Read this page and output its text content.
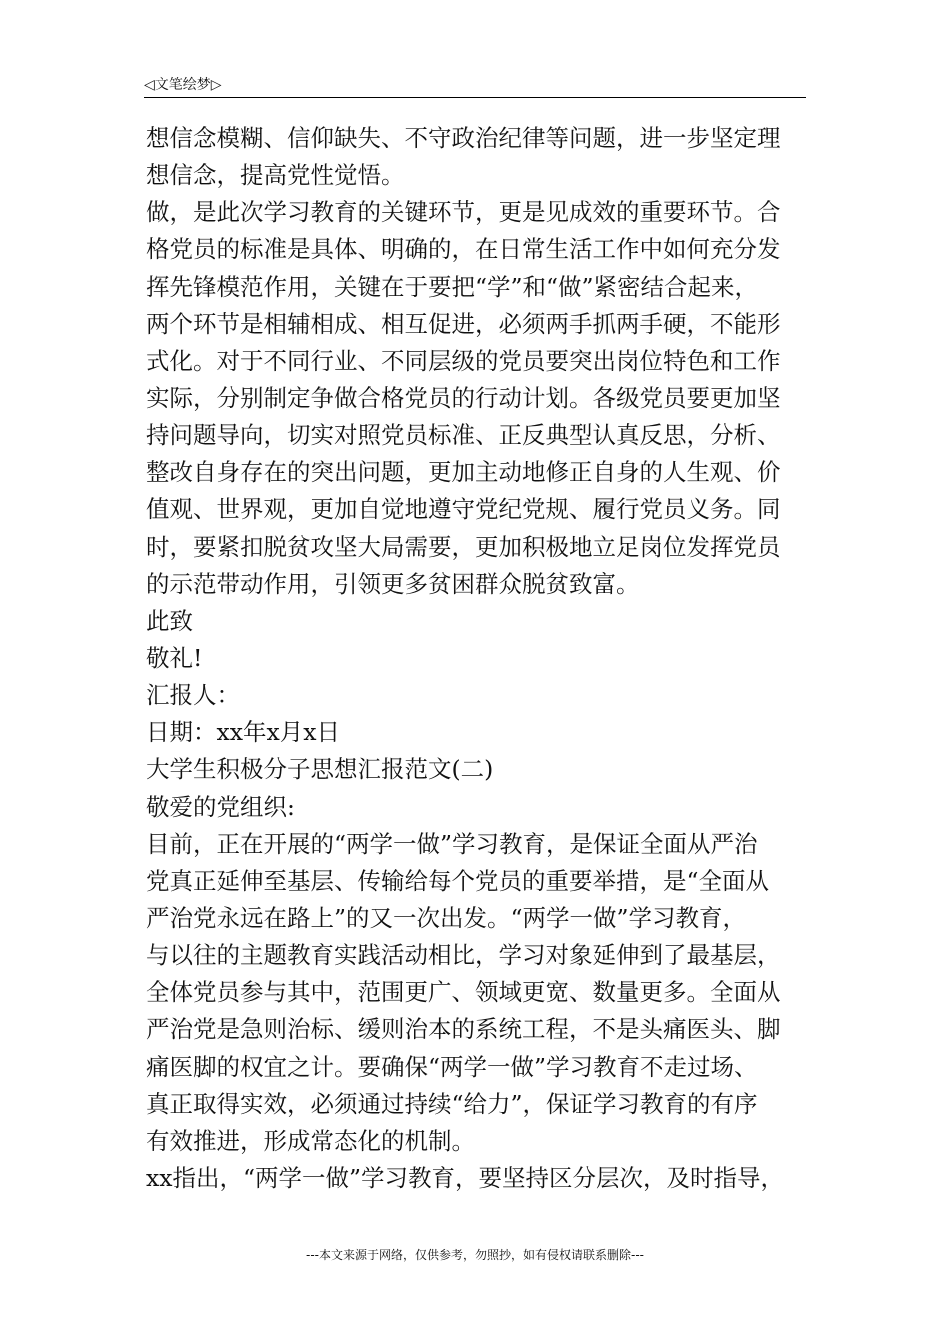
◁文笔绘梦▷
想信念模糊、信仰缺失、不守政治纪律等问题，进一步坚定理
想信念，提高党性觉悟。
做，是此次学习教育的关键环节，更是见成效的重要环节。合
格党员的标准是具体、明确的，在日常生活工作中如何充分发
挥先锋模范作用，关键在于要把“学”和“做”紧密结合起来，
两个环节是相辅相成、相互促进，必须两手抓两手硬，不能形
式化。对于不同行业、不同层级的党员要突出岗位特色和工作
实际，分别制定争做合格党员的行动计划。各级党员要更加坚
持问题导向，切实对照党员标准、正反典型认真反思，分析、
整改自身存在的突出问题，更加主动地修正自身的人生观、价
值观、世界观，更加自觉地遵守党纪党规、履行党员义务。同
时，要紧扣脱贫攻坚大局需要，更加积极地立足岗位发挥党员
的示范带动作用，引领更多贫困群众脱贫致富。
此致
敬礼!
汇报人：
日期：xx年x月x日
大学生积极分子思想汇报范文(二)
敬爱的党组织:
目前，正在开展的“两学一做”学习教育，是保证全面从严治
党真正延伸至基层、传输给每个党员的重要举措，是“全面从
严治党永远在路上”的又一次出发。“两学一做”学习教育，
与以往的主题教育实践活动相比，学习对象延伸到了最基层，
全体党员参与其中，范围更广、领域更宽、数量更多。全面从
严治党是急则治标、缓则治本的系统工程，不是头痛医头、脚
痛医脚的权宜之计。要确保“两学一做”学习教育不走过场、
真正取得实效，必须通过持续“给力”，保证学习教育的有序
有效推进，形成常态化的机制。
xx指出，“两学一做”学习教育，要坚持区分层次，及时指导，
---本文来源于网络，仅供参考，勿照抄，如有侵权请联系删除---
